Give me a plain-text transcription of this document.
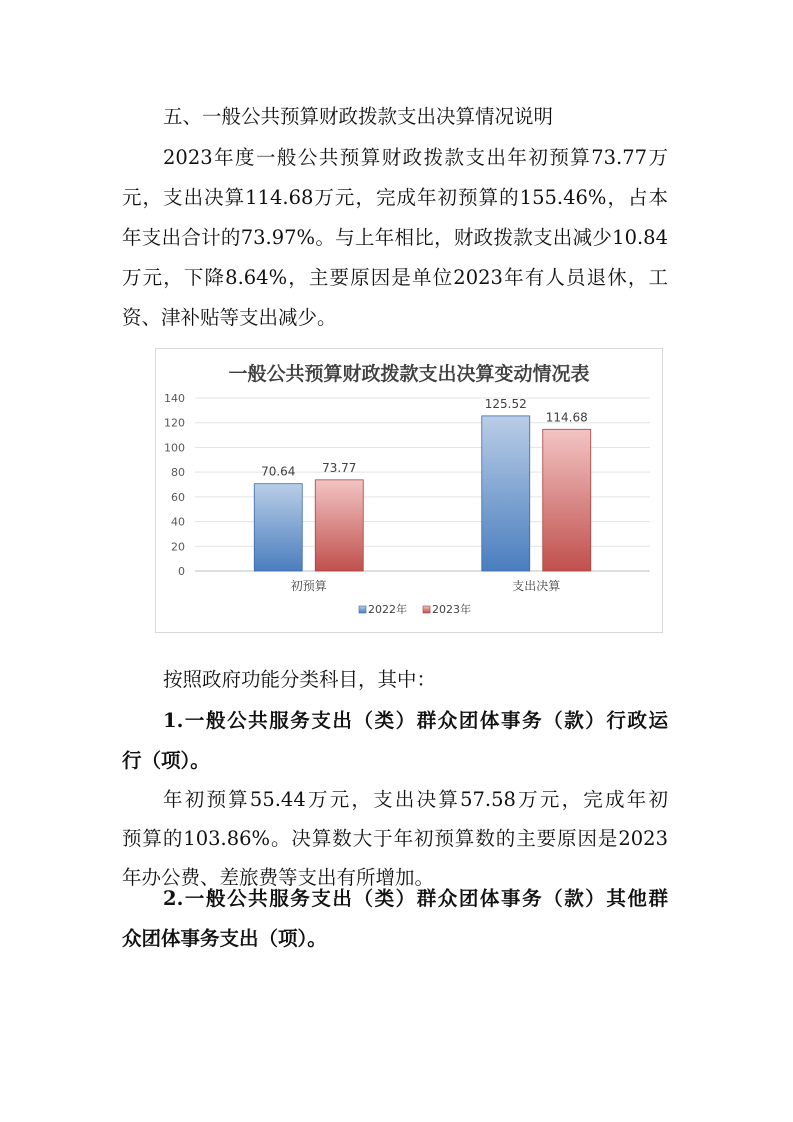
五、一般公共预算财政拨款支出决算情况说明

2023年度一般公共预算财政拨款支出年初预算73.77万

元，支出决算114.68万元，完成年初预算的155.46%，占本

年支出合计的73.97%。与上年相比，财政拨款支出减少10.84

万元，下降8.64%，主要原因是单位2023年有人员退休，工

资、津补贴等支出减少。

一般公共预算财政拨款支出决算变动情况表

0
20
40
60
80
100
120
140
70.64 73.77
125.52
114.68
初预算	支出决算
2022年 2023年

按照政府功能分类科目，其中：

1.一般公共服务支出（类）群众团体事务（款）行政运

行（项）。

年初预算55.44万元，支出决算57.58万元，完成年初

预算的103.86%。决算数大于年初预算数的主要原因是2023

年办公费、差旅费等支出有所增加。

2.一般公共服务支出（类）群众团体事务（款）其他群

众团体事务支出（项）。
